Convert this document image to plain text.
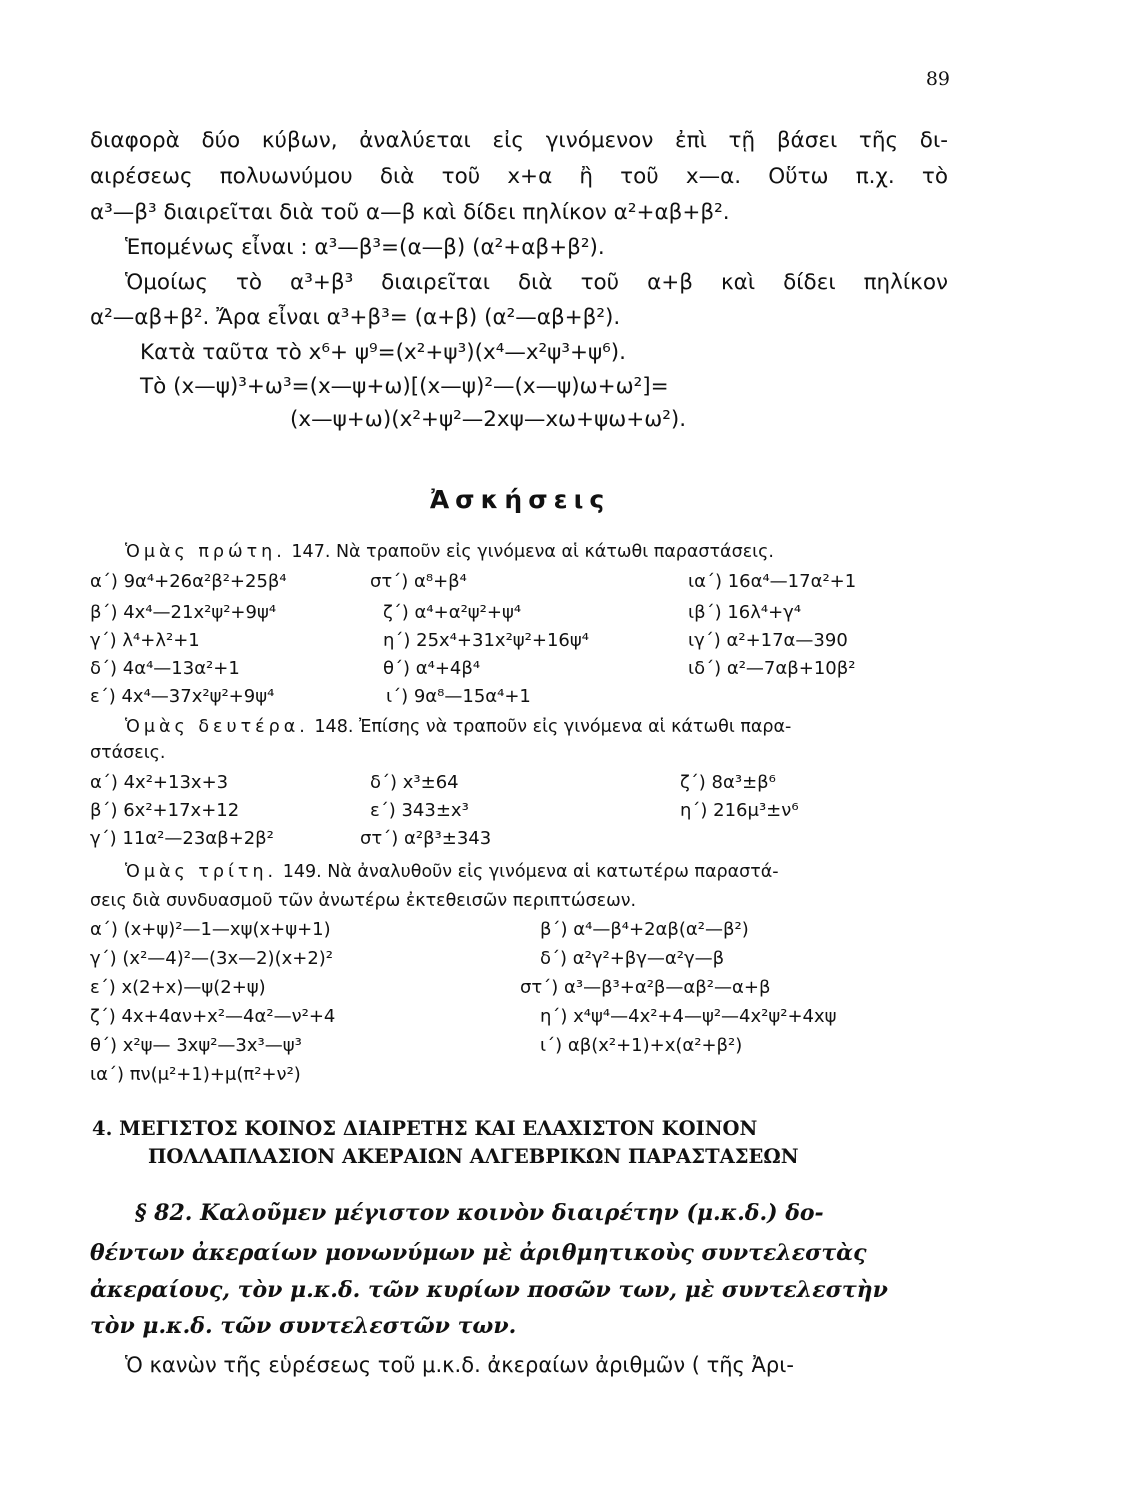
89
διαφορὰ δύο κύβων, ἀναλύεται εἰς γινόμενον ἐπὶ τῇ βάσει τῆς δι-
αιρέσεως πολυωνύμου διὰ τοῦ x+α ἢ τοῦ x—α. Οὕτω π.χ. τὸ
α³—β³ διαιρεῖται διὰ τοῦ α—β καὶ δίδει πηλίκον α²+αβ+β².
Ἑπομένως εἶναι : α³—β³=(α—β) (α²+αβ+β²).
Ὁμοίως τὸ α³+β³ διαιρεῖται διὰ τοῦ α+β καὶ δίδει πηλίκον
α²—αβ+β². Ἄρα εἶναι α³+β³= (α+β) (α²—αβ+β²).
Κατὰ ταῦτα τὸ x⁶+ ψ⁹=(x²+ψ³)(x⁴—x²ψ³+ψ⁶).
Τὸ (x—ψ)³+ω³=(x—ψ+ω)[(x—ψ)²—(x—ψ)ω+ω²]=
(x—ψ+ω)(x²+ψ²—2xψ—xω+ψω+ω²).
Ἀσκήσεις
Ὁμὰς πρώτη. 147. Νὰ τραποῦν εἰς γινόμενα αἱ κάτωθι παραστάσεις.
α΄) 9α⁴+26α²β²+25β⁴
β΄) 4x⁴—21x²ψ²+9ψ⁴
γ΄) λ⁴+λ²+1
δ΄) 4α⁴—13α²+1
ε΄) 4x⁴—37x²ψ²+9ψ⁴
στ΄) α⁸+β⁴
ζ΄) α⁴+α²ψ²+ψ⁴
η΄) 25x⁴+31x²ψ²+16ψ⁴
θ΄) α⁴+4β⁴
ι΄) 9α⁸—15α⁴+1
ια΄) 16α⁴—17α²+1
ιβ΄) 16λ⁴+γ⁴
ιγ΄) α²+17α—390
ιδ΄) α²—7αβ+10β²
Ὁμὰς δευτέρα. 148. Ἐπίσης νὰ τραποῦν εἰς γινόμενα αἱ κάτωθι παρα-
στάσεις.
α΄) 4x²+13x+3
β΄) 6x²+17x+12
γ΄) 11α²—23αβ+2β²
δ΄) x³±64
ε΄) 343±x³
στ΄) α²β³±343
ζ΄) 8α³±β⁶
η΄) 216μ³±ν⁶
Ὁμὰς τρίτη. 149. Νὰ ἀναλυθοῦν εἰς γινόμενα αἱ κατωτέρω παραστά-
σεις διὰ συνδυασμοῦ τῶν ἀνωτέρω ἐκτεθεισῶν περιπτώσεων.
α΄) (x+ψ)²—1—xψ(x+ψ+1)
γ΄) (x²—4)²—(3x—2)(x+2)²
ε΄) x(2+x)—ψ(2+ψ)
ζ΄) 4x+4αν+x²—4α²—ν²+4
θ΄) x²ψ— 3xψ²—3x³—ψ³
ια΄) πν(μ²+1)+μ(π²+ν²)
β΄) α⁴—β⁴+2αβ(α²—β²)
δ΄) α²γ²+βγ—α²γ—β
στ΄) α³—β³+α²β—αβ²—α+β
η΄) x⁴ψ⁴—4x²+4—ψ²—4x²ψ²+4xψ
ι΄) αβ(x²+1)+x(α²+β²)
4. ΜΕΓΙΣΤΟΣ ΚΟΙΝΟΣ ΔΙΑΙΡΕΤΗΣ ΚΑΙ ΕΛΑΧΙΣΤΟΝ ΚΟΙΝΟΝ
ΠΟΛΛΑΠΛΑΣΙΟΝ ΑΚΕΡΑΙΩΝ ΑΛΓΕΒΡΙΚΩΝ ΠΑΡΑΣΤΑΣΕΩΝ
§ 82. Καλοῦμεν μέγιστον κοινὸν διαιρέτην (μ.κ.δ.) δο-
θέντων ἀκεραίων μονωνύμων μὲ ἀριθμητικοὺς συντελεστὰς
ἀκεραίους, τὸν μ.κ.δ. τῶν κυρίων ποσῶν των, μὲ συντελεστὴν
τὸν μ.κ.δ. τῶν συντελεστῶν των.
Ὁ κανὼν τῆς εὑρέσεως τοῦ μ.κ.δ. ἀκεραίων ἀριθμῶν ( τῆς Ἀρι-
